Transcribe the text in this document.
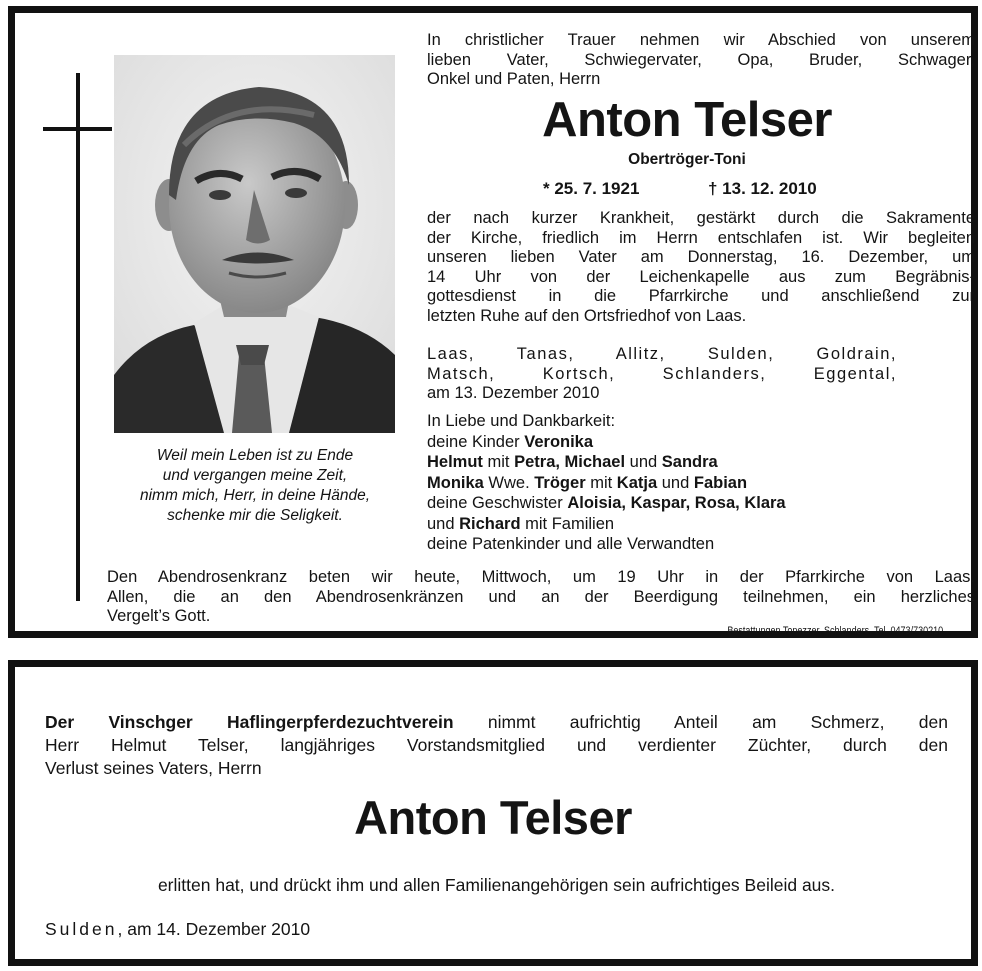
Weil mein Leben ist zu Ende
und vergangen meine Zeit,
nimm mich, Herr, in deine Hände,
schenke mir die Seligkeit.

In christlicher Trauer nehmen wir Abschied von unserem
lieben Vater, Schwiegervater, Opa, Bruder, Schwager,
Onkel und Paten, Herrn

Anton Telser
Obertröger-Toni
* 25. 7. 1921	† 13. 12. 2010

der nach kurzer Krankheit, gestärkt durch die Sakramente
der Kirche, friedlich im Herrn entschlafen ist. Wir begleiten
unseren lieben Vater am Donnerstag, 16. Dezember, um
14 Uhr von der Leichenkapelle aus zum Begräbnis-
gottesdienst in die Pfarrkirche und anschließend zur
letzten Ruhe auf den Ortsfriedhof von Laas.

Laas, Tanas, Allitz, Sulden, Goldrain,
Matsch, Kortsch, Schlanders, Eggental,
am 13. Dezember 2010

In Liebe und Dankbarkeit:
deine Kinder Veronika
Helmut mit Petra, Michael und Sandra
Monika Wwe. Tröger mit Katja und Fabian
deine Geschwister Aloisia, Kaspar, Rosa, Klara
und Richard mit Familien
deine Patenkinder und alle Verwandten

Den Abendrosenkranz beten wir heute, Mittwoch, um 19 Uhr in der Pfarrkirche von Laas.
Allen, die an den Abendrosenkränzen und an der Beerdigung teilnehmen, ein herzliches
Vergelt’s Gott.

Bestattungen Tonezzer, Schlanders, Tel. 0473/730210

Der Vinschger Haflingerpferdezuchtverein nimmt aufrichtig Anteil am Schmerz, den
Herr Helmut Telser, langjähriges Vorstandsmitglied und verdienter Züchter, durch den
Verlust seines Vaters, Herrn

Anton Telser
erlitten hat, und drückt ihm und allen Familienangehörigen sein aufrichtiges Beileid aus.
Sulden, am 14. Dezember 2010
